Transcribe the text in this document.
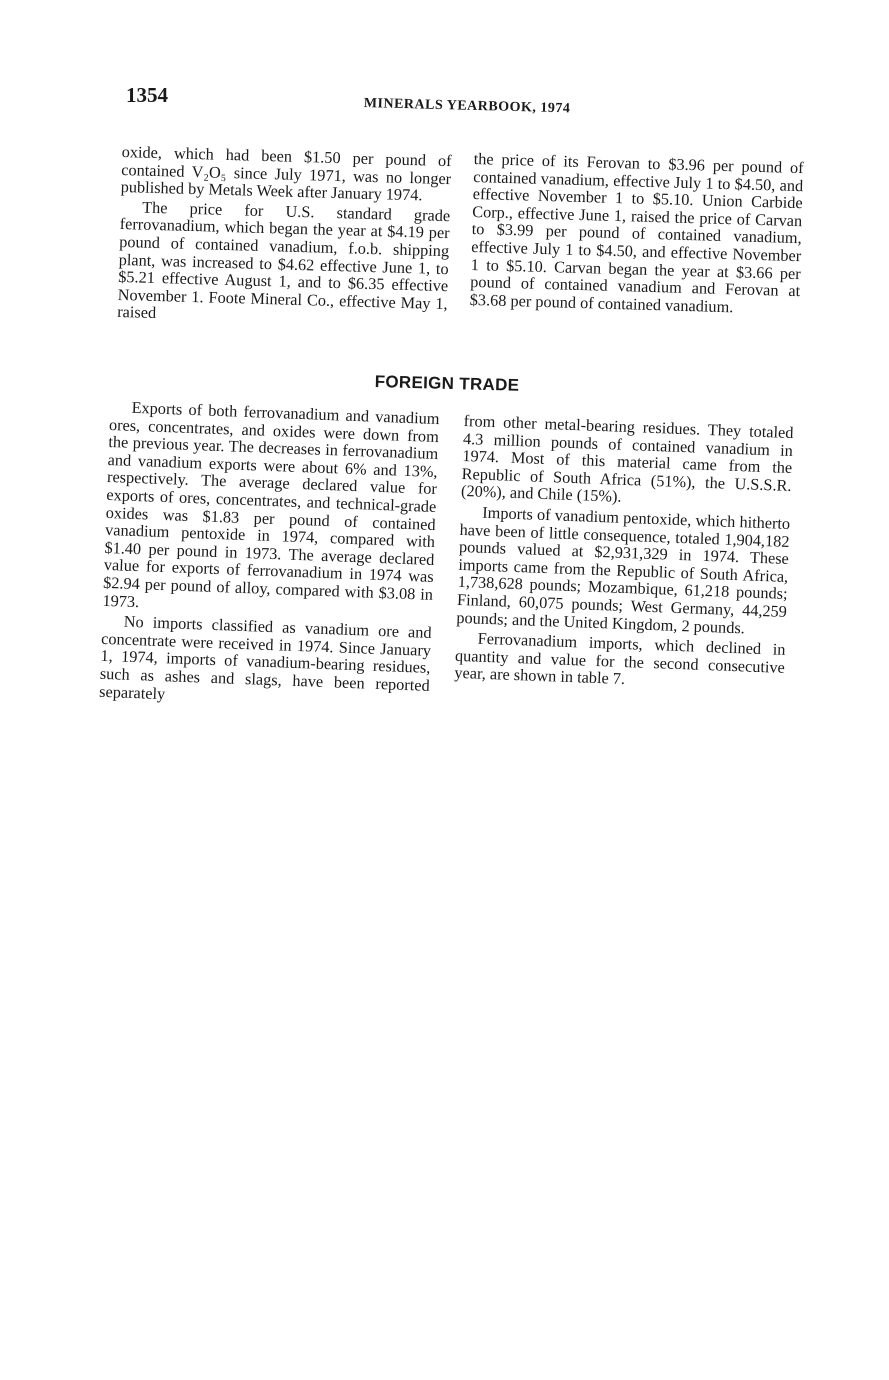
1354	MINERALS YEARBOOK, 1974

oxide, which had been $1.50 per pound of contained V₂O₅ since July 1971, was no longer published by Metals Week after January 1974.

The price for U.S. standard grade ferrovanadium, which began the year at $4.19 per pound of contained vanadium, f.o.b. shipping plant, was increased to $4.62 effective June 1, to $5.21 effective August 1, and to $6.35 effective November 1. Foote Mineral Co., effective May 1, raised

the price of its Ferovan to $3.96 per pound of contained vanadium, effective July 1 to $4.50, and effective November 1 to $5.10. Union Carbide Corp., effective June 1, raised the price of Carvan to $3.99 per pound of contained vanadium, effective July 1 to $4.50, and effective November 1 to $5.10. Carvan began the year at $3.66 per pound of contained vanadium and Ferovan at $3.68 per pound of contained vanadium.

FOREIGN TRADE

Exports of both ferrovanadium and vanadium ores, concentrates, and oxides were down from the previous year. The decreases in ferrovanadium and vanadium exports were about 6% and 13%, respectively. The average declared value for exports of ores, concentrates, and technical-grade oxides was $1.83 per pound of contained vanadium pentoxide in 1974, compared with $1.40 per pound in 1973. The average declared value for exports of ferrovanadium in 1974 was $2.94 per pound of alloy, compared with $3.08 in 1973.

No imports classified as vanadium ore and concentrate were received in 1974. Since January 1, 1974, imports of vanadium-bearing residues, such as ashes and slags, have been reported separately

from other metal-bearing residues. They totaled 4.3 million pounds of contained vanadium in 1974. Most of this material came from the Republic of South Africa (51%), the U.S.S.R. (20%), and Chile (15%).

Imports of vanadium pentoxide, which hitherto have been of little consequence, totaled 1,904,182 pounds valued at $2,931,329 in 1974. These imports came from the Republic of South Africa, 1,738,628 pounds; Mozambique, 61,218 pounds; Finland, 60,075 pounds; West Germany, 44,259 pounds; and the United Kingdom, 2 pounds.

Ferrovanadium imports, which declined in quantity and value for the second consecutive year, are shown in table 7.
